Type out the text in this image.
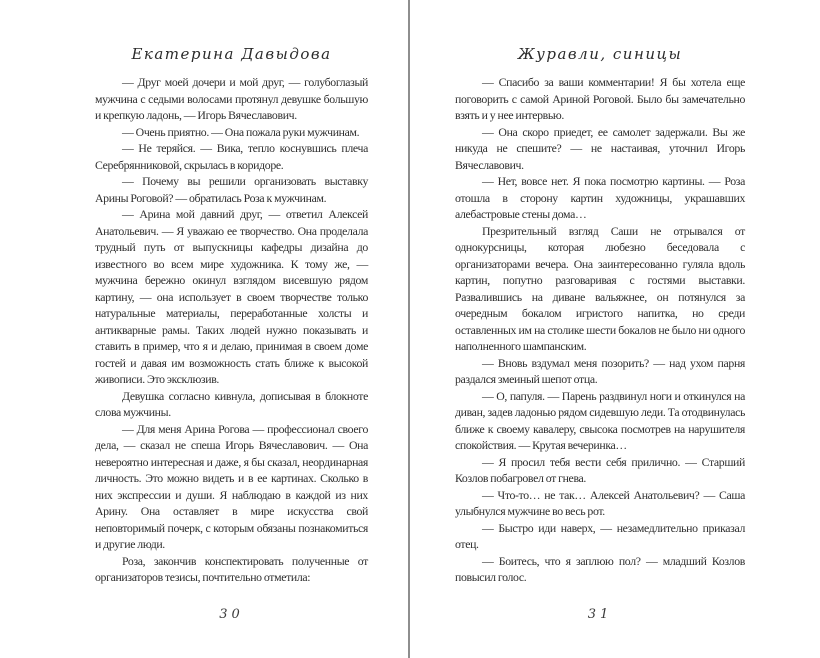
Екатерина Давыдова

— Друг моей дочери и мой друг, — голубоглазый мужчина с седыми волосами протянул девушке большую и крепкую ладонь, — Игорь Вячеславович.

— Очень приятно. — Она пожала руки мужчинам.

— Не теряйся. — Вика, тепло коснувшись плеча Серебрянниковой, скрылась в коридоре.

— Почему вы решили организовать выставку Арины Роговой? — обратилась Роза к мужчинам.

— Арина мой давний друг, — ответил Алексей Анатольевич. — Я уважаю ее творчество. Она проделала трудный путь от выпускницы кафедры дизайна до известного во всем мире художника. К тому же, — мужчина бережно окинул взглядом висевшую рядом картину, — она использует в своем творчестве только натуральные материалы, переработанные холсты и антикварные рамы. Таких людей нужно показывать и ставить в пример, что я и делаю, принимая в своем доме гостей и давая им возможность стать ближе к высокой живописи. Это эксклюзив.

Девушка согласно кивнула, дописывая в блокноте слова мужчины.

— Для меня Арина Рогова — профессионал своего дела, — сказал не спеша Игорь Вячеславович. — Она невероятно интересная и даже, я бы сказал, неординарная личность. Это можно видеть и в ее картинах. Сколько в них экспрессии и души. Я наблюдаю в каждой из них Арину. Она оставляет в мире искусства свой неповторимый почерк, с которым обязаны познакомиться и другие люди.

Роза, закончив конспектировать полученные от организаторов тезисы, почтительно отметила:

30
Журавли, синицы

— Спасибо за ваши комментарии! Я бы хотела еще поговорить с самой Ариной Роговой. Было бы замечательно взять и у нее интервью.

— Она скоро приедет, ее самолет задержали. Вы же никуда не спешите? — не настаивая, уточнил Игорь Вячеславович.

— Нет, вовсе нет. Я пока посмотрю картины. — Роза отошла в сторону картин художницы, украшавших алебастровые стены дома…

Презрительный взгляд Саши не отрывался от однокурсницы, которая любезно беседовала с организаторами вечера. Она заинтересованно гуляла вдоль картин, попутно разговаривая с гостями выставки. Развалившись на диване вальяжнее, он потянулся за очередным бокалом игристого напитка, но среди оставленных им на столике шести бокалов не было ни одного наполненного шампанским.

— Вновь вздумал меня позорить? — над ухом парня раздался змеиный шепот отца.

— О, папуля. — Парень раздвинул ноги и откинулся на диван, задев ладонью рядом сидевшую леди. Та отодвинулась ближе к своему кавалеру, свысока посмотрев на нарушителя спокойствия. — Крутая вечеринка…

— Я просил тебя вести себя прилично. — Старший Козлов побагровел от гнева.

— Что-то… не так… Алексей Анатольевич? — Саша улыбнулся мужчине во весь рот.

— Быстро иди наверх, — незамедлительно приказал отец.

— Боитесь, что я заплюю пол? — младший Козлов повысил голос.

31
